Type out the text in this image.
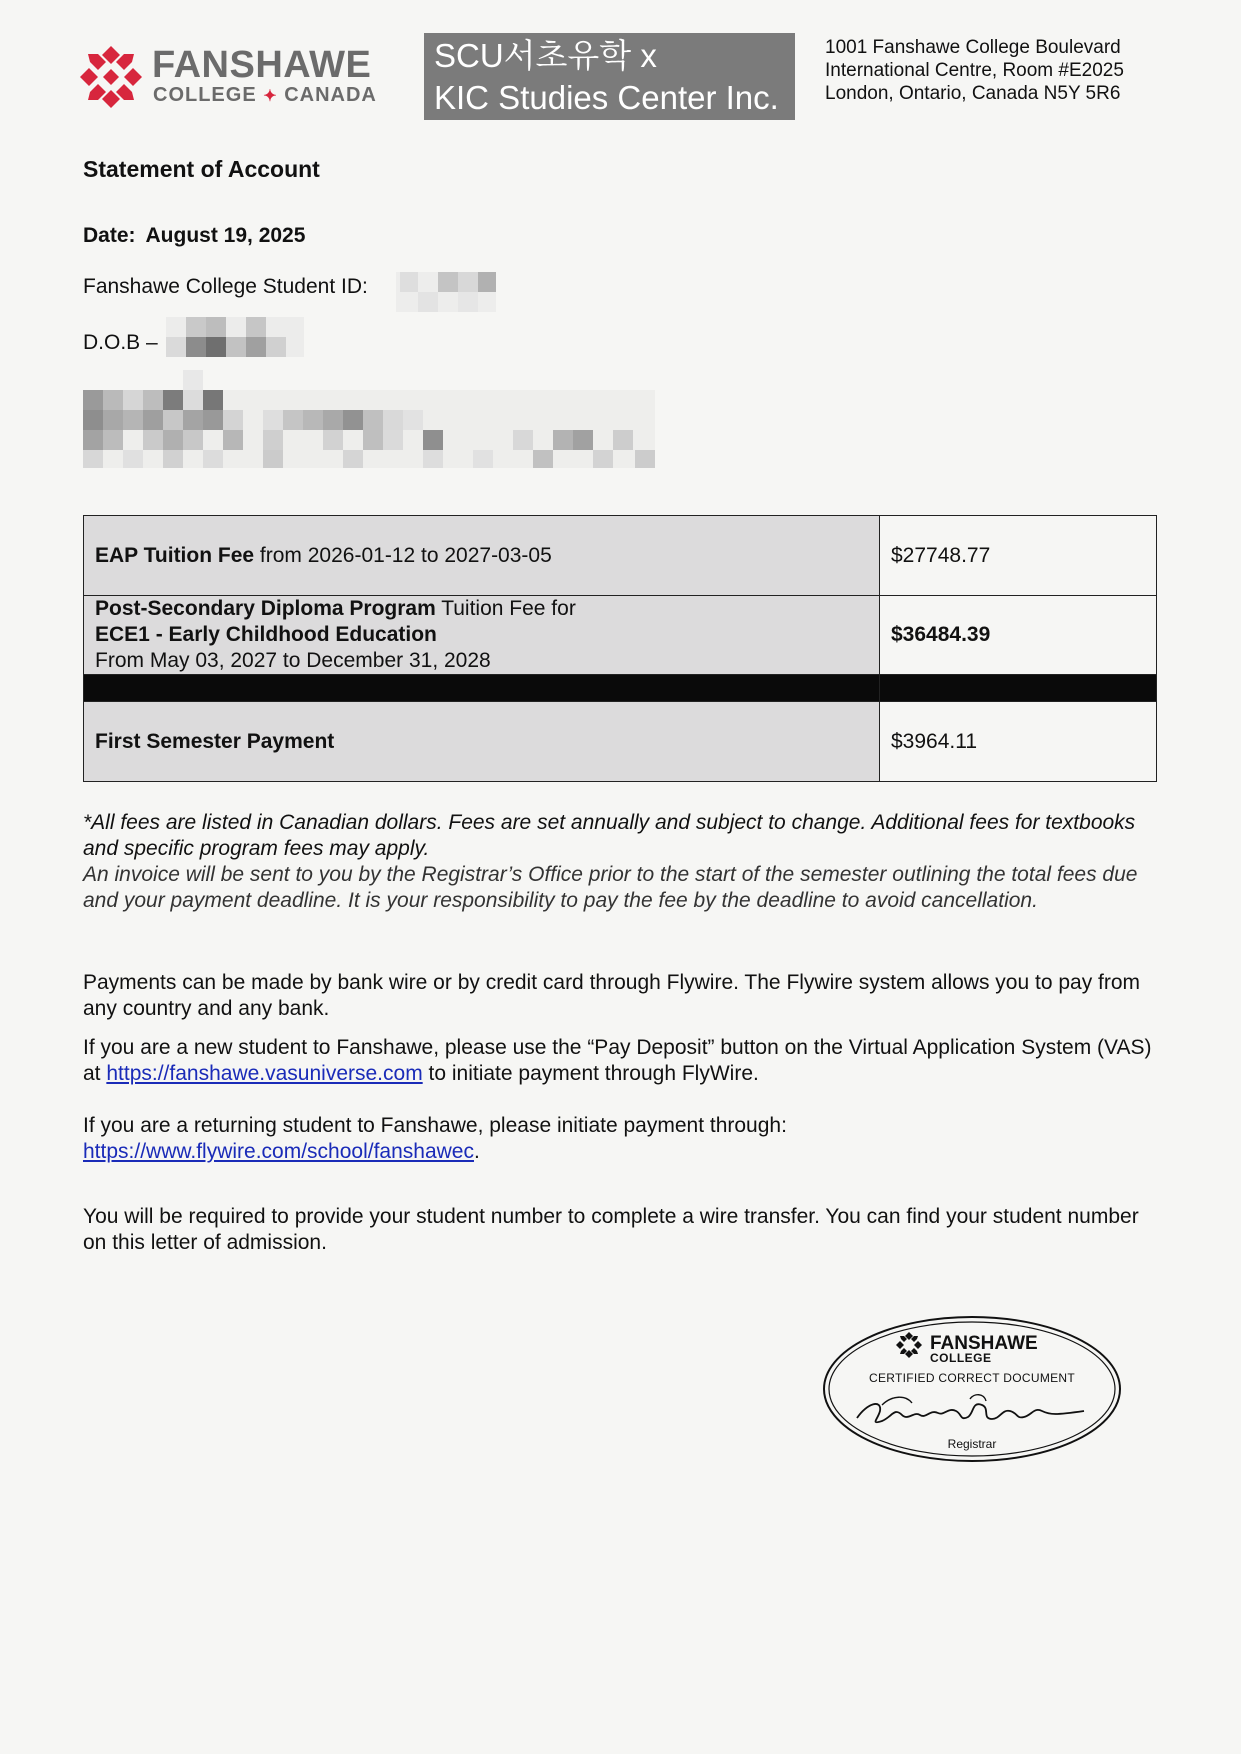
FANSHAWE
COLLEGE ✦ CANADA
SCU서초유학 x
KIC Studies Center Inc.
1001 Fanshawe College Boulevard
International Centre, Room #E2025
London, Ontario, Canada N5Y 5R6
Statement of Account
Date: August 19, 2025
Fanshawe College Student ID:
D.O.B –
EAP Tuition Fee from 2026-01-12 to 2027-03-05	$27748.77

Post-Secondary Diploma Program Tuition Fee for
ECE1 - Early Childhood Education
From May 03, 2027 to December 31, 2028	$36484.39

First Semester Payment	$3964.11
*All fees are listed in Canadian dollars. Fees are set annually and subject to change. Additional fees for textbooks and specific program fees may apply.
An invoice will be sent to you by the Registrar’s Office prior to the start of the semester outlining the total fees due and your payment deadline. It is your responsibility to pay the fee by the deadline to avoid cancellation.
Payments can be made by bank wire or by credit card through Flywire. The Flywire system allows you to pay from any country and any bank.
If you are a new student to Fanshawe, please use the “Pay Deposit” button on the Virtual Application System (VAS) at https://fanshawe.vasuniverse.com to initiate payment through FlyWire.
If you are a returning student to Fanshawe, please initiate payment through:
https://www.flywire.com/school/fanshawec.
You will be required to provide your student number to complete a wire transfer. You can find your student number on this letter of admission.
FANSHAWE
COLLEGE
CERTIFIED CORRECT DOCUMENT
Registrar
